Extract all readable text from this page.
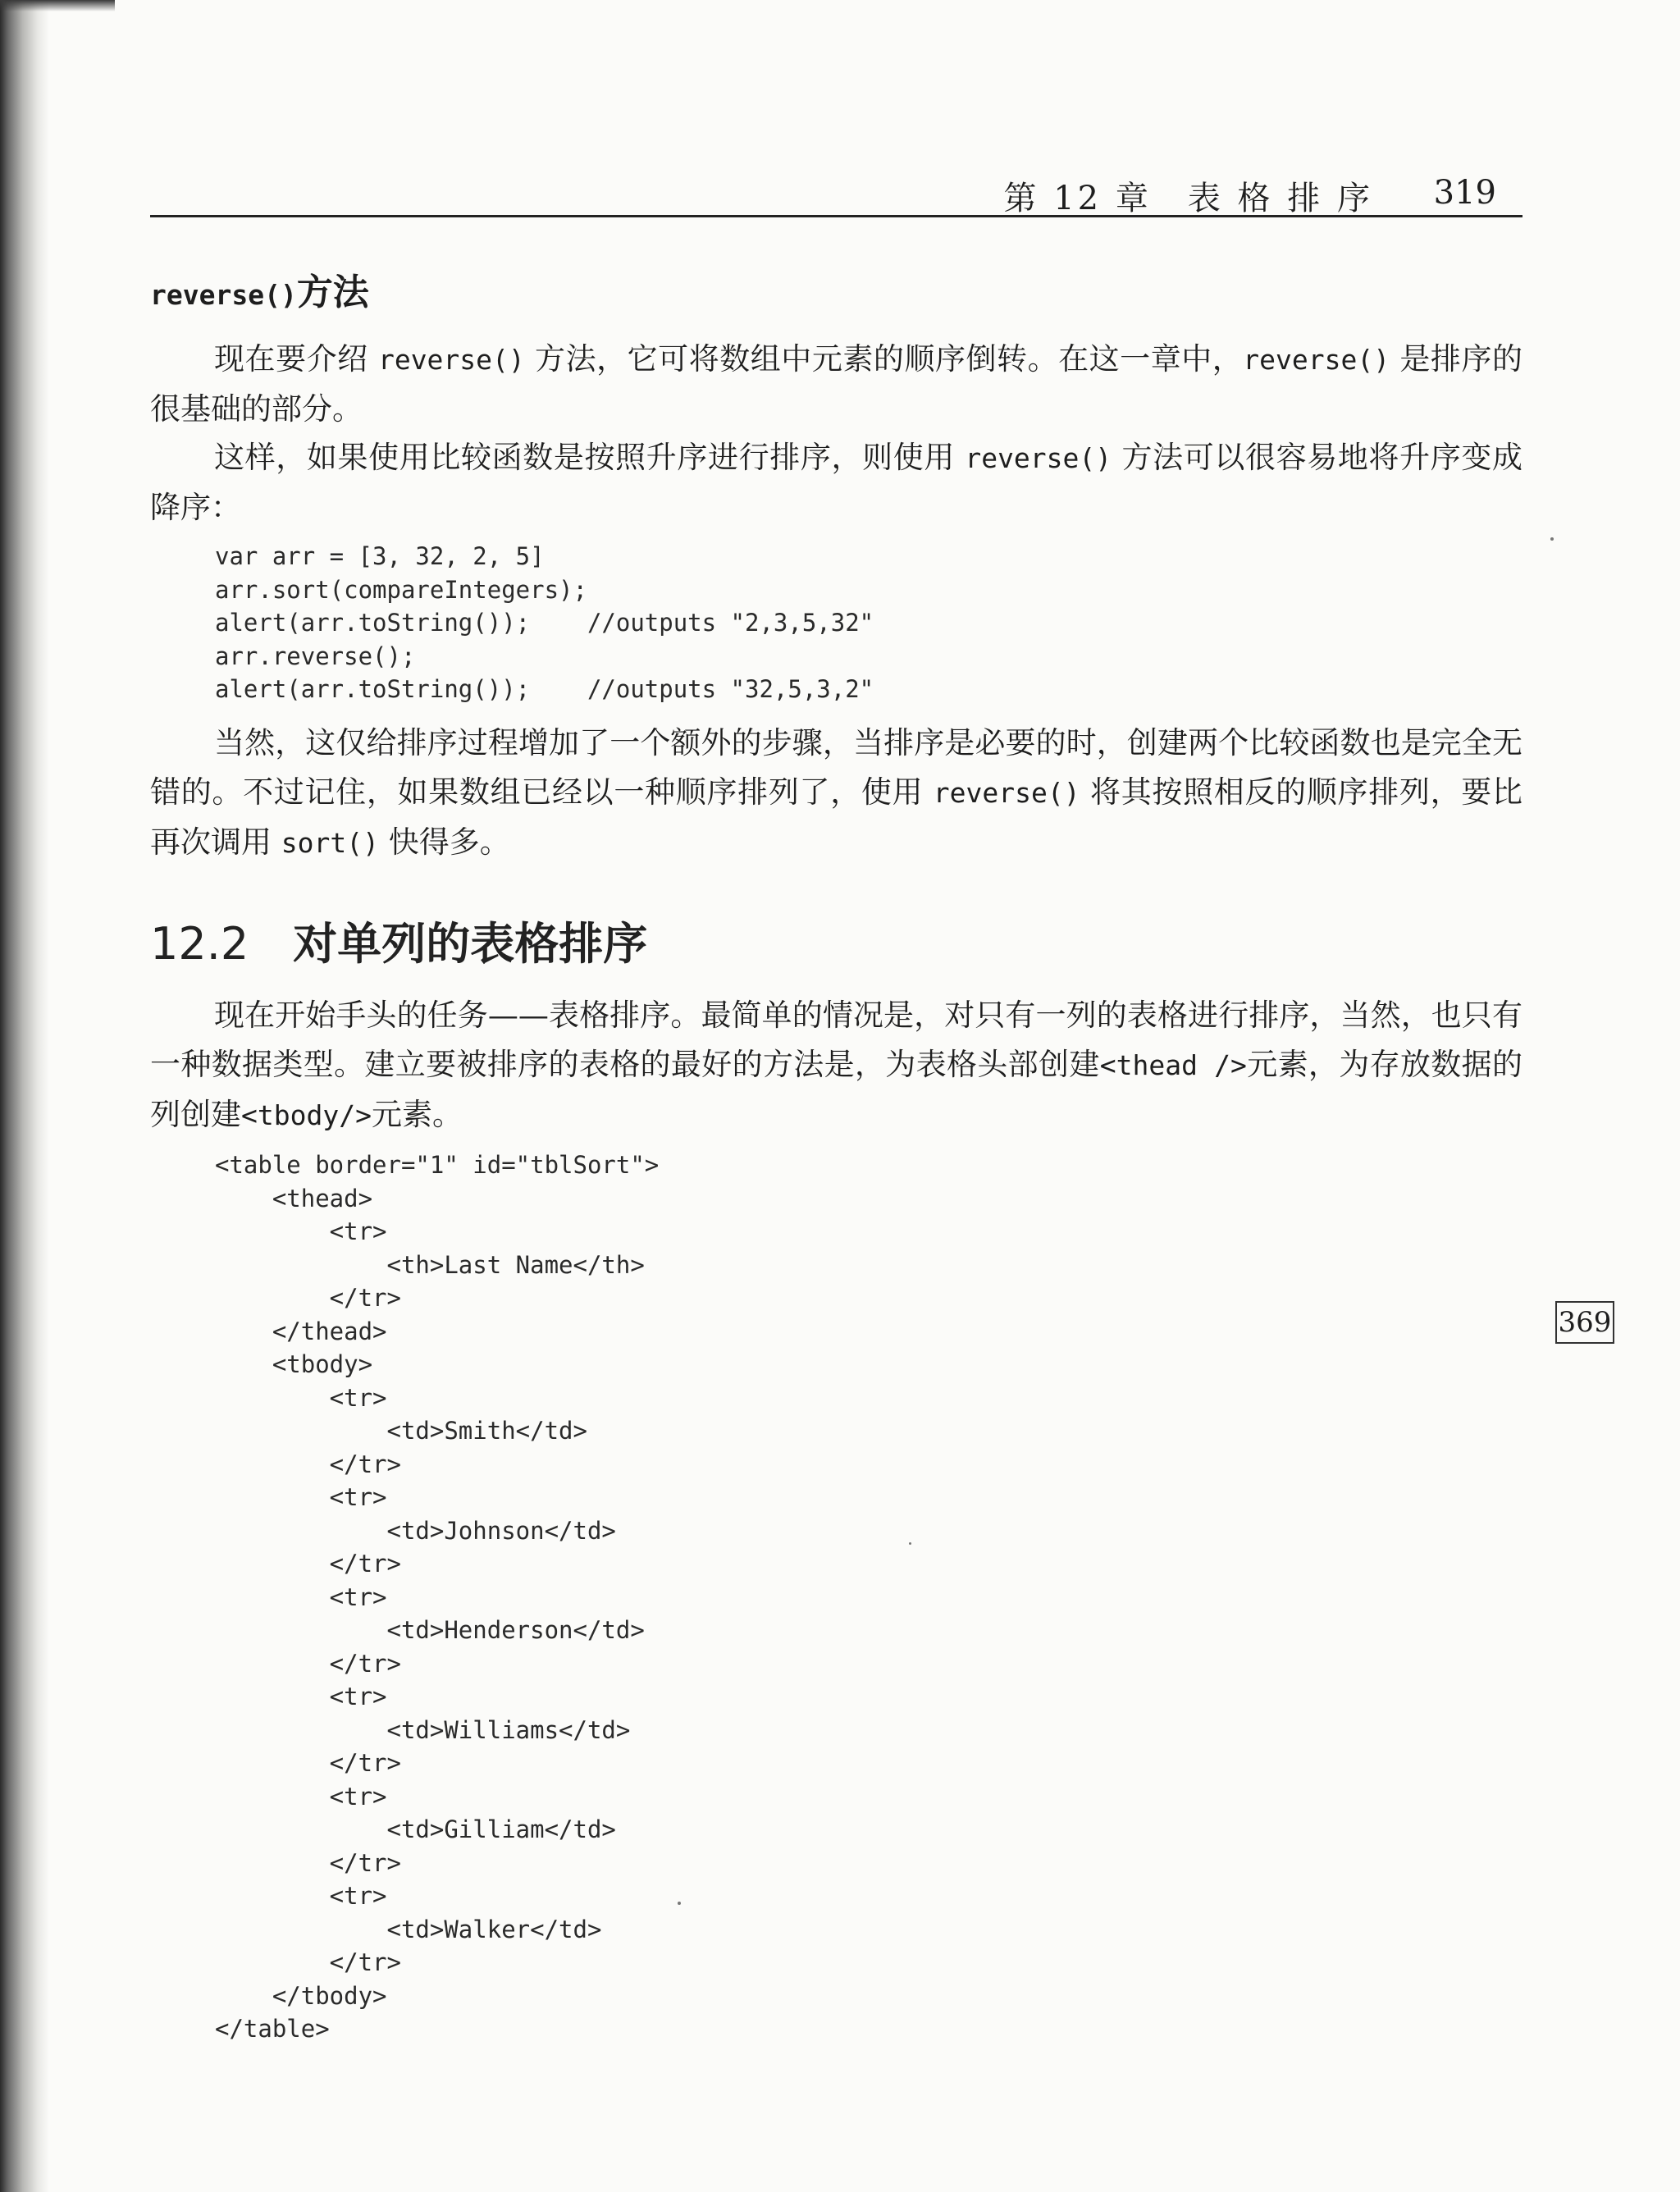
第 12 章　表 格 排 序 319
reverse()方法

现在要介绍 reverse() 方法，它可将数组中元素的顺序倒转。在这一章中，reverse() 是排序的很基础的部分。

这样，如果使用比较函数是按照升序进行排序，则使用 reverse() 方法可以很容易地将升序变成降序：

var arr = [3, 32, 2, 5]
arr.sort(compareIntegers);
alert(arr.toString());    //outputs "2,3,5,32"
arr.reverse();
alert(arr.toString());    //outputs "32,5,3,2"

当然，这仅给排序过程增加了一个额外的步骤，当排序是必要的时，创建两个比较函数也是完全无错的。不过记住，如果数组已经以一种顺序排列了，使用 reverse() 将其按照相反的顺序排列，要比再次调用 sort() 快得多。

12.2 对单列的表格排序

现在开始手头的任务——表格排序。最简单的情况是，对只有一列的表格进行排序，当然，也只有一种数据类型。建立要被排序的表格的最好的方法是，为表格头部创建<thead />元素，为存放数据的列创建<tbody/>元素。

<table border="1" id="tblSort">
<thead>
<tr>
<th>Last Name</th>
</tr>
</thead>
<tbody>
<tr>
<td>Smith</td>
</tr>
<tr>
<td>Johnson</td>
</tr>
<tr>
<td>Henderson</td>
</tr>
<tr>
<td>Williams</td>
</tr>
<tr>
<td>Gilliam</td>
</tr>
<tr>
<td>Walker</td>
</tr>
</tbody>
</table>
369
